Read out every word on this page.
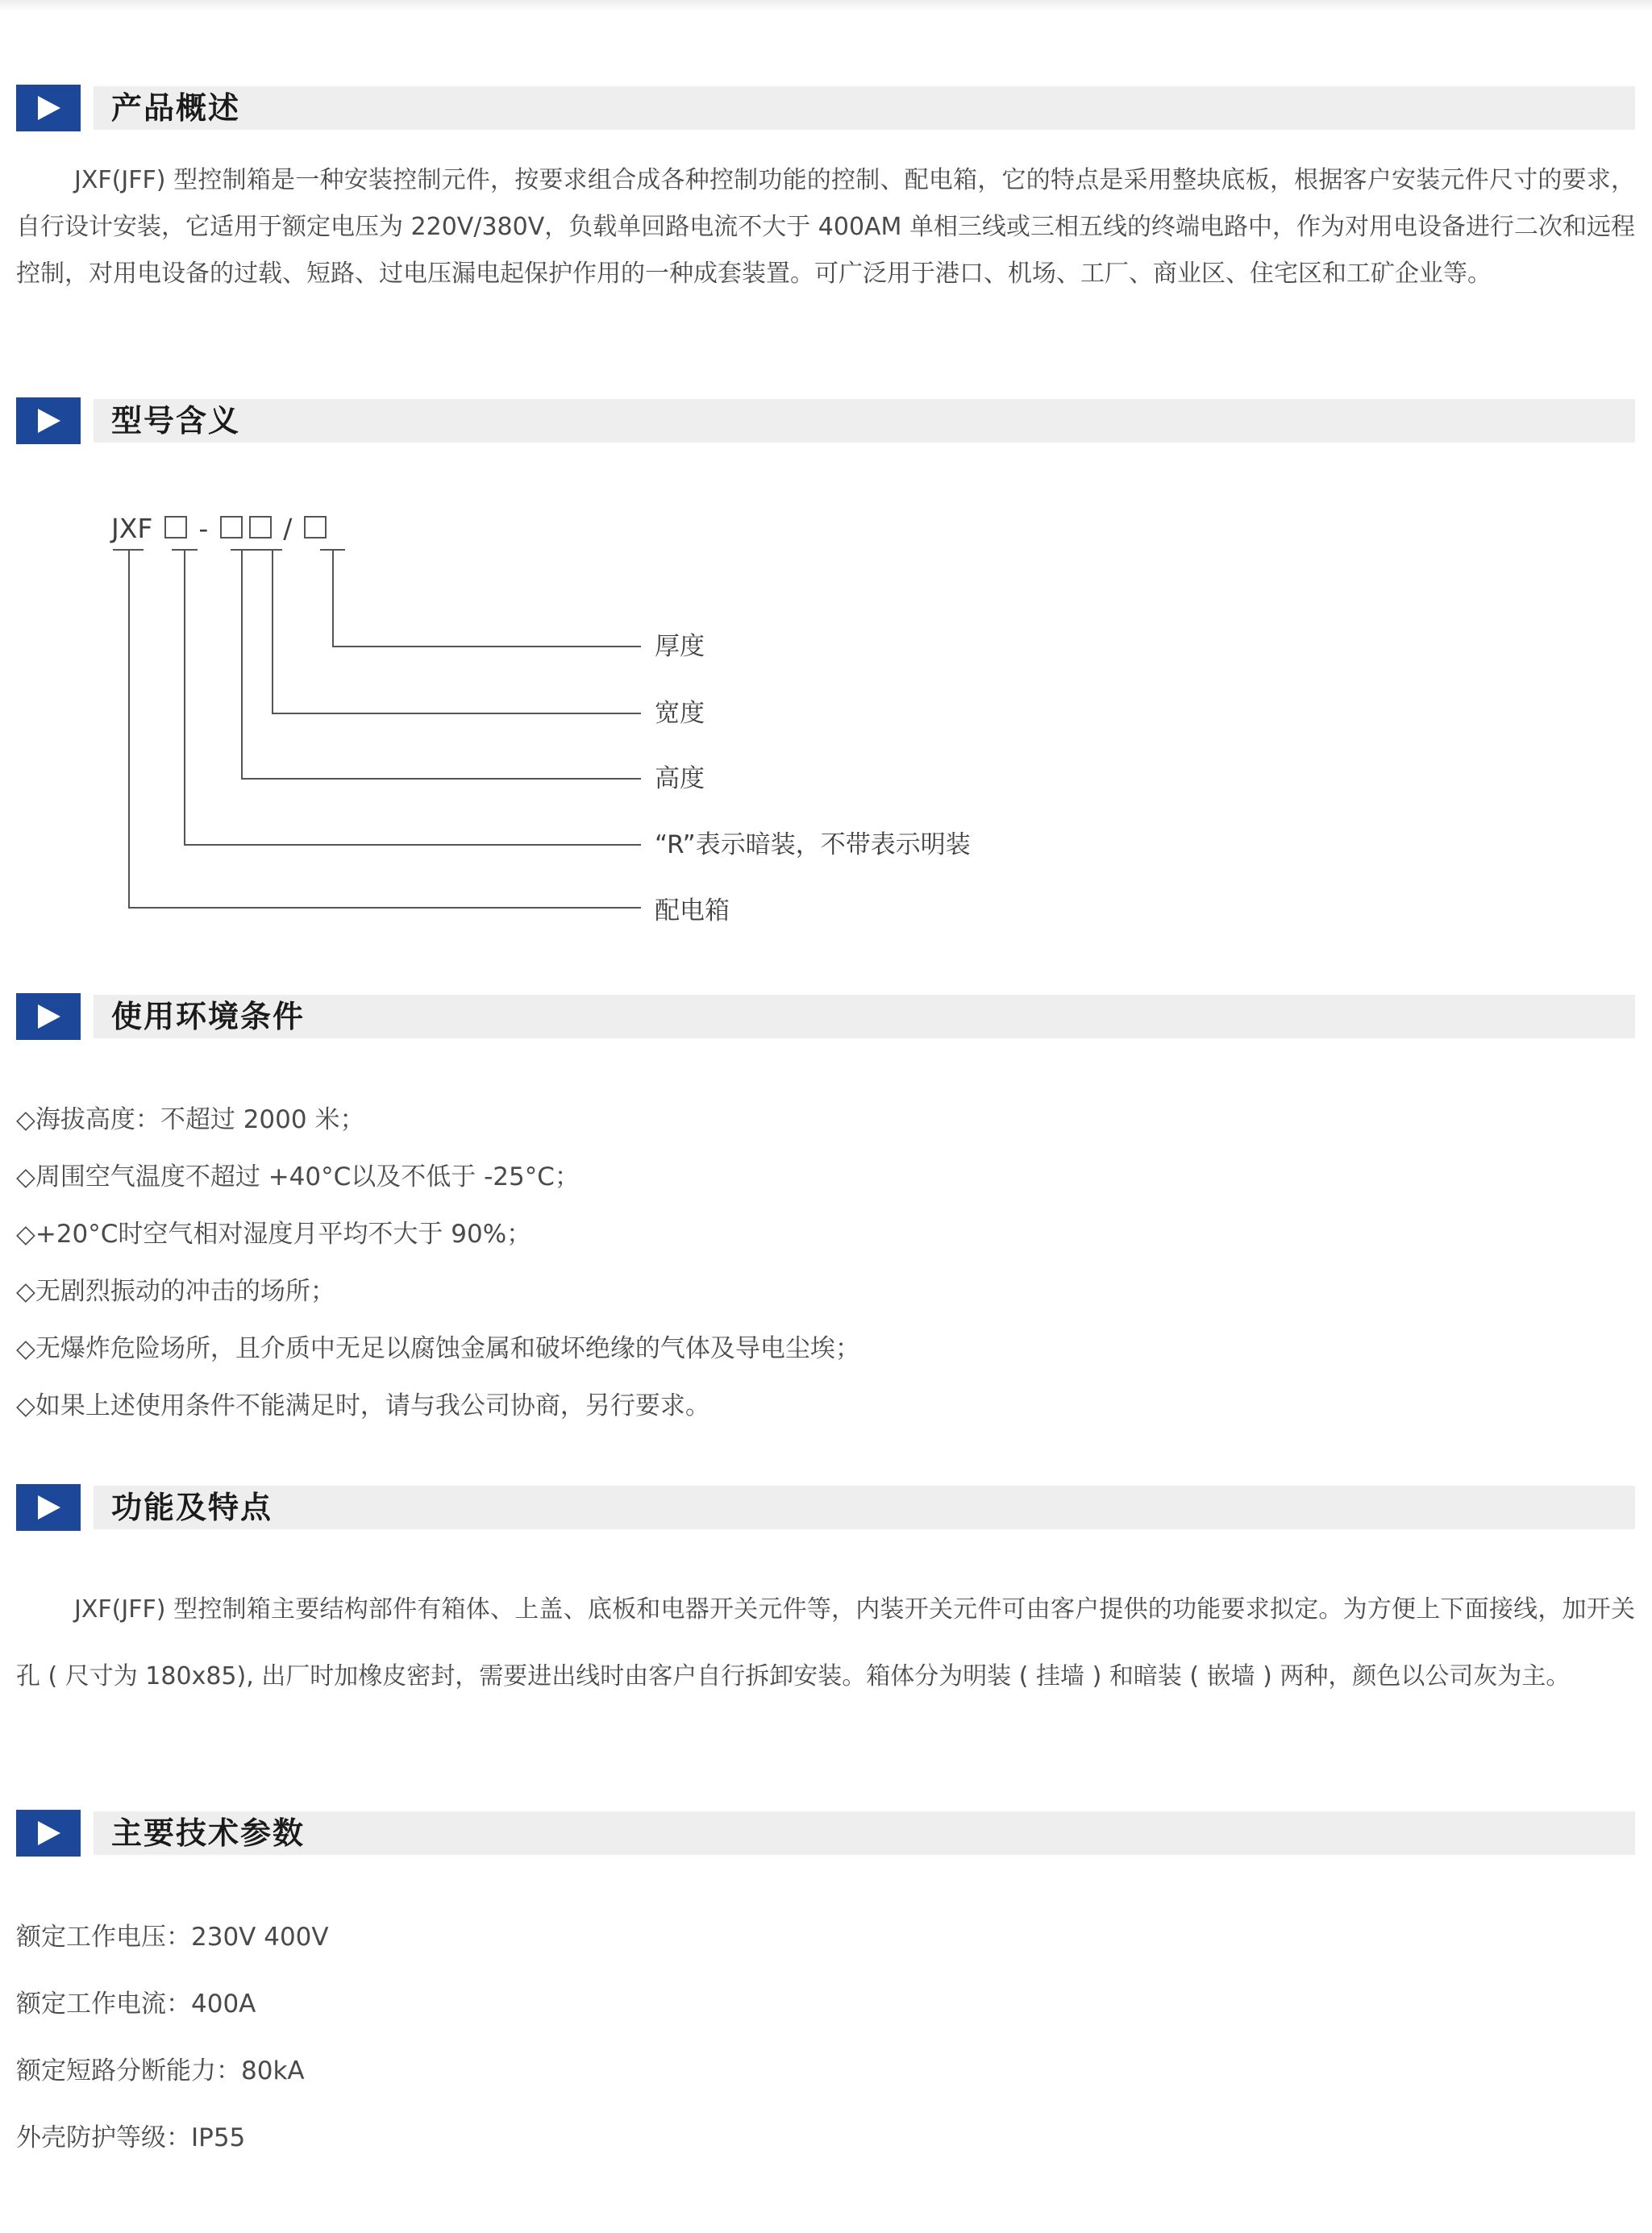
产品概述

JXF(JFF) 型控制箱是一种安装控制元件，按要求组合成各种控制功能的控制、配电箱，它的特点是采用整块底板，根据客户安装元件尺寸的要求，自行设计安装，它适用于额定电压为 220V/380V，负载单回路电流不大于 400AM 单相三线或三相五线的终端电路中，作为对用电设备进行二次和远程控制，对用电设备的过载、短路、过电压漏电起保护作用的一种成套装置。可广泛用于港口、机场、工厂、商业区、住宅区和工矿企业等。

型号含义
JXF -	/
厚度
宽度
高度
“R”表示暗装，不带表示明装
配电箱
使用环境条件
◇海拔高度：不超过 2000 米；
◇周围空气温度不超过 +40°C以及不低于 -25°C；
◇+20°C时空气相对湿度月平均不大于 90%；
◇无剧烈振动的冲击的场所；
◇无爆炸危险场所，且介质中无足以腐蚀金属和破坏绝缘的气体及导电尘埃；
◇如果上述使用条件不能满足时，请与我公司协商，另行要求。
功能及特点

JXF(JFF) 型控制箱主要结构部件有箱体、上盖、底板和电器开关元件等，内装开关元件可由客户提供的功能要求拟定。为方便上下面接线，加开关孔 ( 尺寸为 180x85), 出厂时加橡皮密封，需要进出线时由客户自行拆卸安装。箱体分为明装 ( 挂墙 ) 和暗装 ( 嵌墙 ) 两种，颜色以公司灰为主。

主要技术参数
额定工作电压：230V 400V
额定工作电流：400A
额定短路分断能力：80kA
外壳防护等级：IP55
